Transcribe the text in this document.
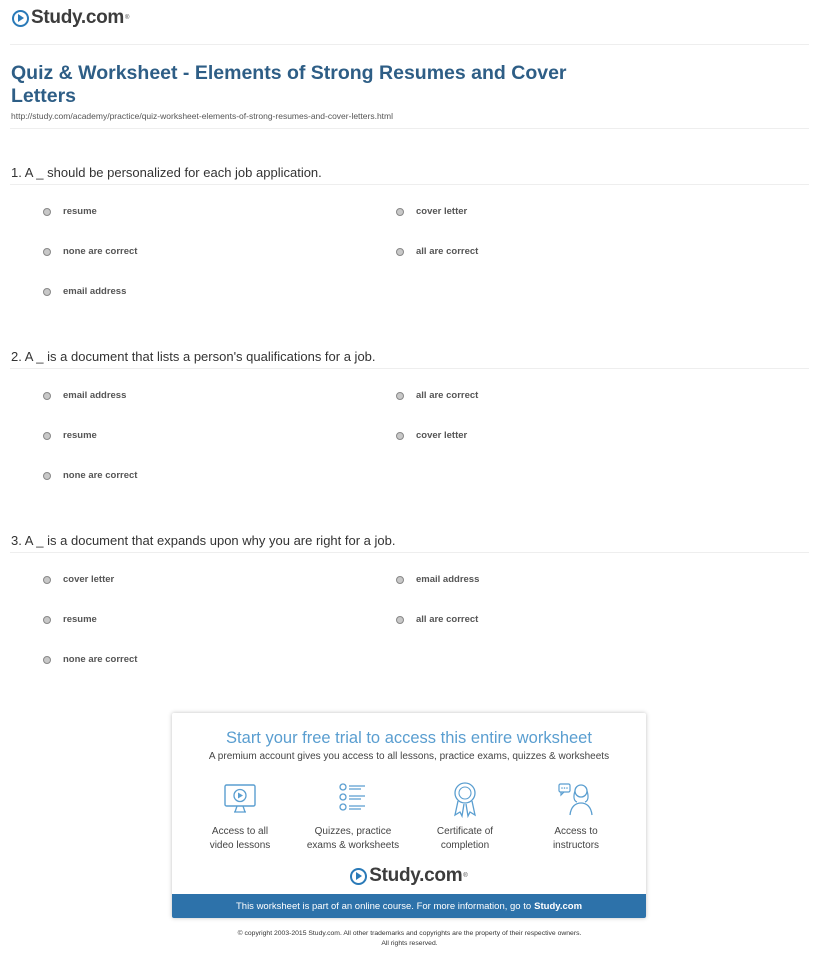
Study.com ®
Quiz & Worksheet - Elements of Strong Resumes and Cover Letters
http://study.com/academy/practice/quiz-worksheet-elements-of-strong-resumes-and-cover-letters.html
1. A _ should be personalized for each job application.
resume	cover letter
none are correct	all are correct
email address
2. A _ is a document that lists a person's qualifications for a job.
email address	all are correct
resume	cover letter
none are correct
3. A _ is a document that expands upon why you are right for a job.
cover letter	email address
resume	all are correct
none are correct
Start your free trial to access this entire worksheet
A premium account gives you access to all lessons, practice exams, quizzes & worksheets
Access to all
video lessons
Quizzes, practice
exams & worksheets
Certificate of
completion
Access to
instructors
Study.com ®
This worksheet is part of an online course. For more information, go to Study.com
© copyright 2003-2015 Study.com. All other trademarks and copyrights are the property of their respective owners.
All rights reserved.
